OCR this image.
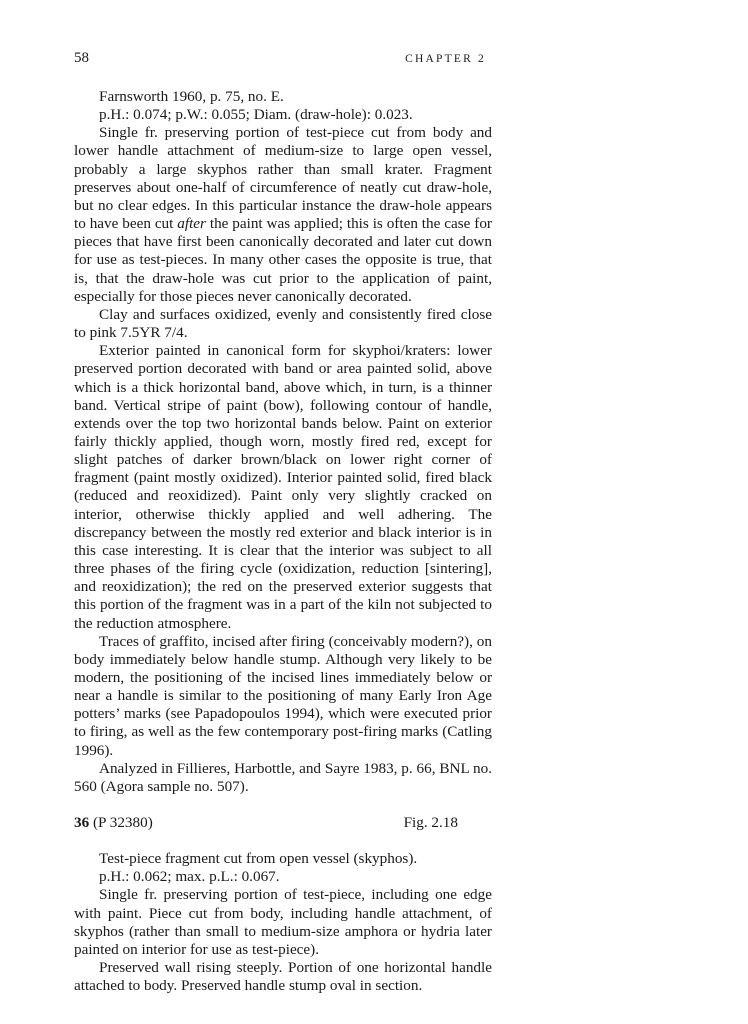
58	CHAPTER 2

Farnsworth 1960, p. 75, no. E.

p.H.: 0.074; p.W.: 0.055; Diam. (draw-hole): 0.023.

Single fr. preserving portion of test-piece cut from body and lower handle attachment of medium-size to large open vessel, probably a large skyphos rather than small krater. Fragment preserves about one-half of circumference of neatly cut draw-hole, but no clear edges. In this particular instance the draw-hole appears to have been cut after the paint was applied; this is often the case for pieces that have first been canonically decorated and later cut down for use as test-pieces. In many other cases the opposite is true, that is, that the draw-hole was cut prior to the application of paint, especially for those pieces never canonically decorated.

Clay and surfaces oxidized, evenly and consistently fired close to pink 7.5YR 7/4.

Exterior painted in canonical form for skyphoi/kraters: lower preserved portion decorated with band or area painted solid, above which is a thick horizontal band, above which, in turn, is a thinner band. Vertical stripe of paint (bow), following contour of handle, extends over the top two horizontal bands below. Paint on exterior fairly thickly applied, though worn, mostly fired red, except for slight patches of darker brown/black on lower right corner of fragment (paint mostly oxidized). Interior painted solid, fired black (reduced and reoxidized). Paint only very slightly cracked on interior, otherwise thickly applied and well adhering. The discrepancy between the mostly red exterior and black interior is in this case interesting. It is clear that the interior was subject to all three phases of the firing cycle (oxidization, reduction [sintering], and reoxidization); the red on the preserved exterior suggests that this portion of the fragment was in a part of the kiln not subjected to the reduction atmosphere.

Traces of graffito, incised after firing (conceivably modern?), on body immediately below handle stump. Although very likely to be modern, the positioning of the incised lines immediately below or near a handle is similar to the positioning of many Early Iron Age potters’ marks (see Papadopoulos 1994), which were executed prior to firing, as well as the few contemporary post-firing marks (Catling 1996).

Analyzed in Fillieres, Harbottle, and Sayre 1983, p. 66, BNL no. 560 (Agora sample no. 507).

36 (P 32380)	Fig. 2.18

Test-piece fragment cut from open vessel (skyphos).

p.H.: 0.062; max. p.L.: 0.067.

Single fr. preserving portion of test-piece, including one edge with paint. Piece cut from body, including handle attachment, of skyphos (rather than small to medium-size amphora or hydria later painted on interior for use as test-piece).

Preserved wall rising steeply. Portion of one horizontal handle attached to body. Preserved handle stump oval in section.
